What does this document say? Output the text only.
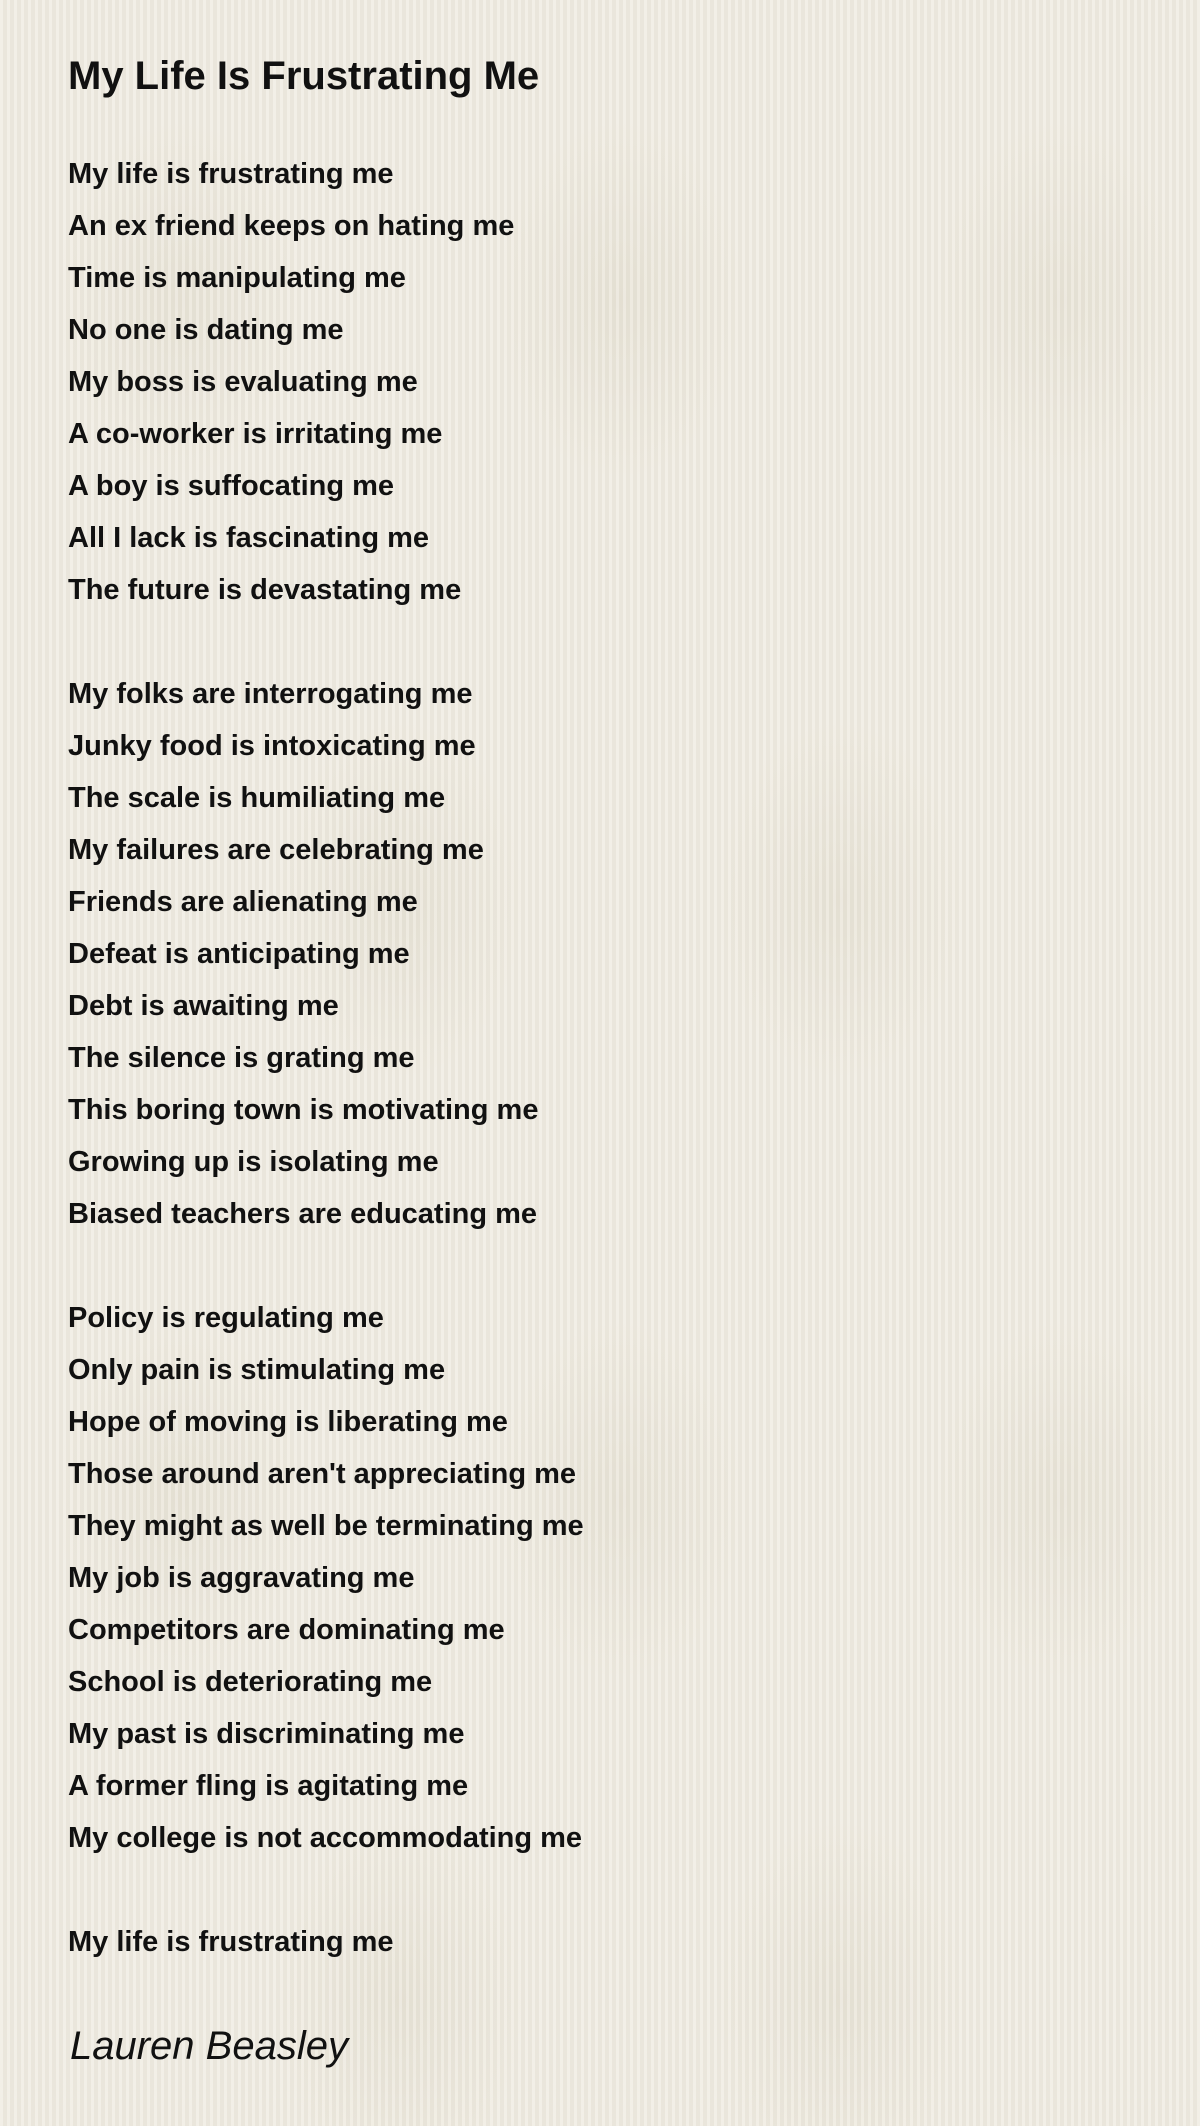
My Life Is Frustrating Me
My life is frustrating me
An ex friend keeps on hating me
Time is manipulating me
No one is dating me
My boss is evaluating me
A co-worker is irritating me
A boy is suffocating me
All I lack is fascinating me
The future is devastating me
My folks are interrogating me
Junky food is intoxicating me
The scale is humiliating me
My failures are celebrating me
Friends are alienating me
Defeat is anticipating me
Debt is awaiting me
The silence is grating me
This boring town is motivating me
Growing up is isolating me
Biased teachers are educating me
Policy is regulating me
Only pain is stimulating me
Hope of moving is liberating me
Those around aren't appreciating me
They might as well be terminating me
My job is aggravating me
Competitors are dominating me
School is deteriorating me
My past is discriminating me
A former fling is agitating me
My college is not accommodating me
My life is frustrating me
Lauren Beasley
